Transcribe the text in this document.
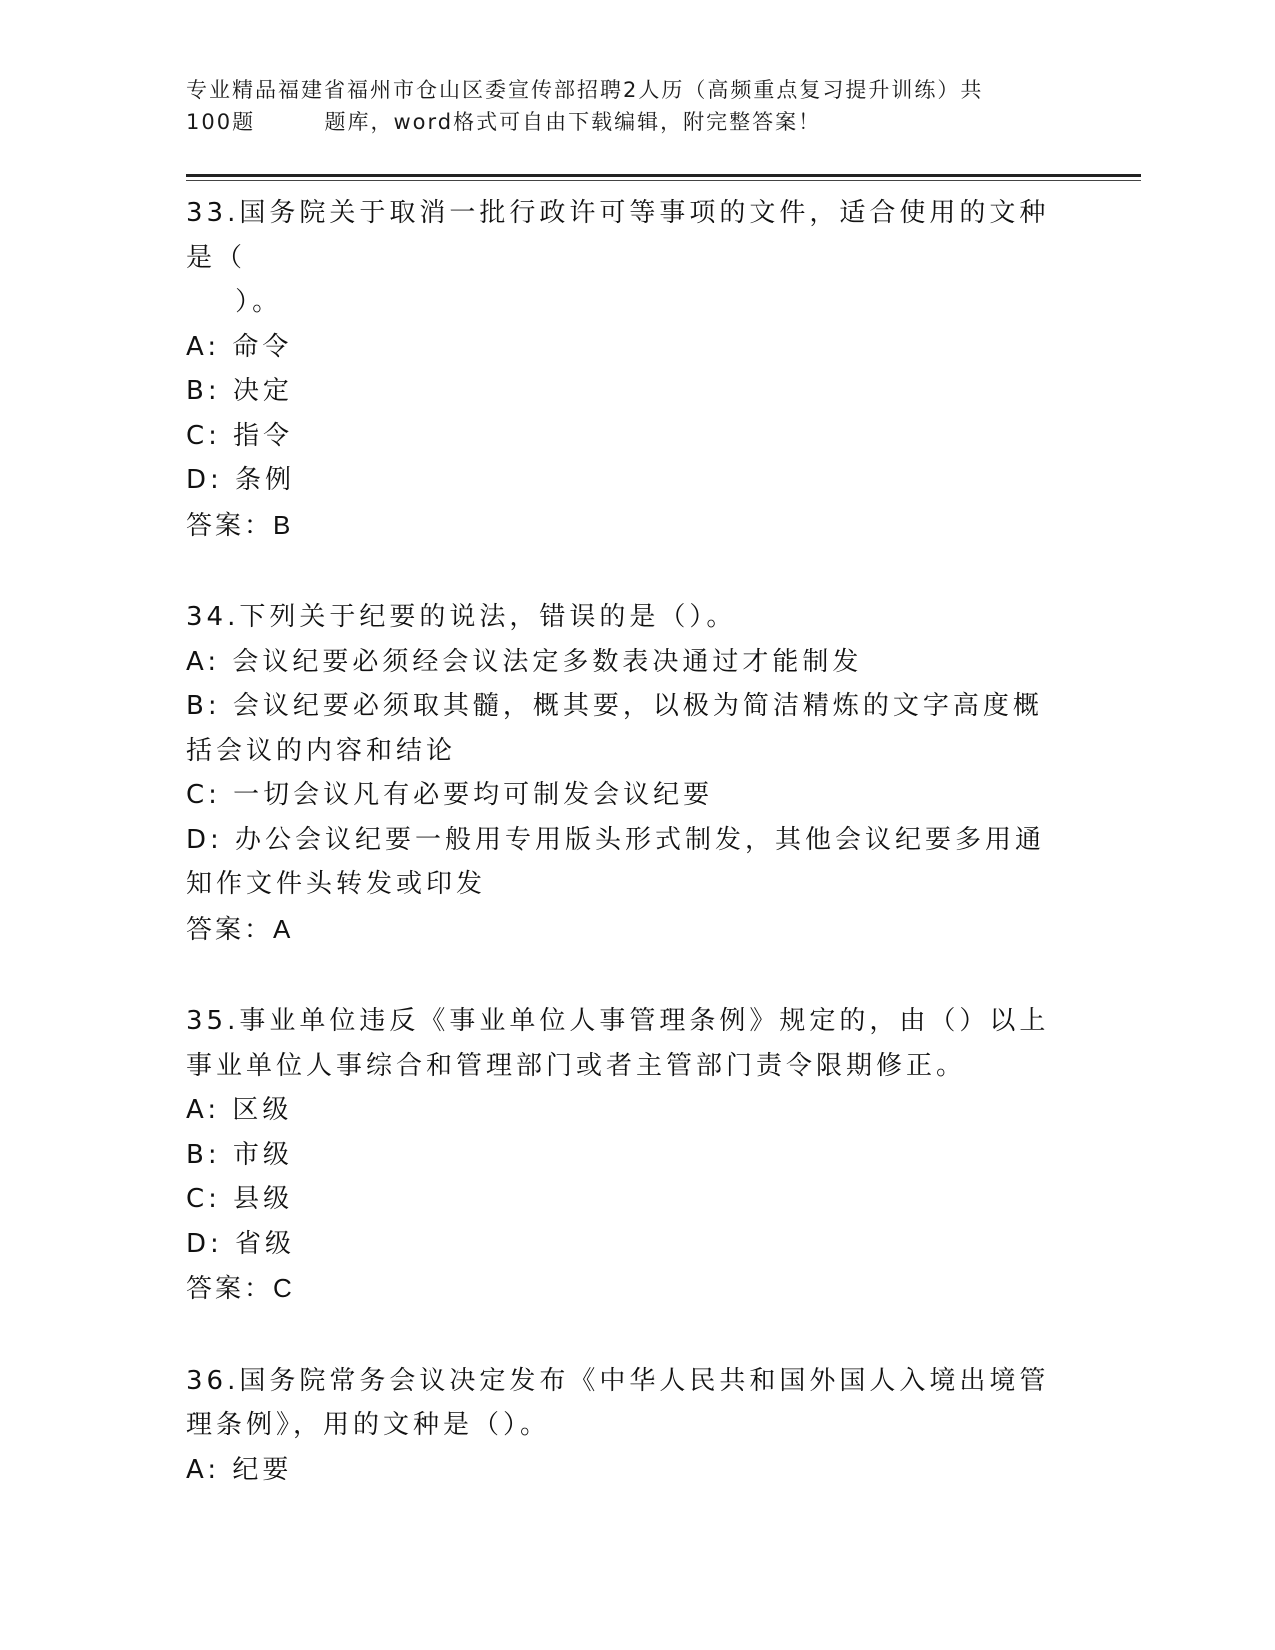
专业精品福建省福州市仓山区委宣传部招聘2人历（高频重点复习提升训练）共
100题        题库，word格式可自由下载编辑，附完整答案！
33.国务院关于取消一批行政许可等事项的文件，适合使用的文种是（
）。
A: 命令
B: 决定
C: 指令
D: 条例
答案：B
34.下列关于纪要的说法，错误的是（）。
A: 会议纪要必须经会议法定多数表决通过才能制发
B: 会议纪要必须取其髓，概其要，以极为简洁精炼的文字高度概括会议的内容和结论
C: 一切会议凡有必要均可制发会议纪要
D: 办公会议纪要一般用专用版头形式制发，其他会议纪要多用通知作文件头转发或印发
答案：A
35.事业单位违反《事业单位人事管理条例》规定的，由（）以上事业单位人事综合和管理部门或者主管部门责令限期修正。
A: 区级
B: 市级
C: 县级
D: 省级
答案：C
36.国务院常务会议决定发布《中华人民共和国外国人入境出境管理条例》，用的文种是（）。
A: 纪要
